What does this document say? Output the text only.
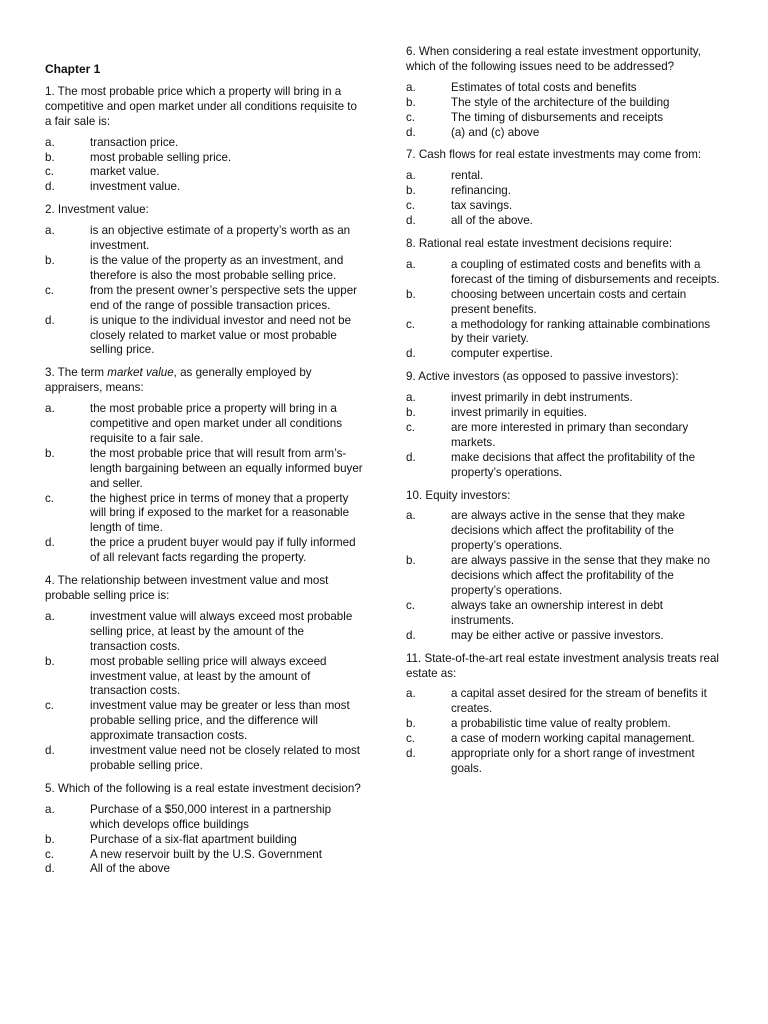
Chapter 1
1. The most probable price which a property will bring in a competitive and open market under all conditions requisite to a fair sale is:
a.	transaction price.
b.	most probable selling price.
c.	market value.
d.	investment value.
2. Investment value:
a.	is an objective estimate of a property’s worth as an investment.
b.	is the value of the property as an investment, and therefore is also the most probable selling price.
c.	from the present owner’s perspective sets the upper end of the range of possible transaction prices.
d.	is unique to the individual investor and need not be closely related to market value or most probable selling price.
3. The term market value, as generally employed by appraisers, means:
a.	the most probable price a property will bring in a competitive and open market under all conditions requisite to a fair sale.
b.	the most probable price that will result from arm’s-length bargaining between an equally informed buyer and seller.
c.	the highest price in terms of money that a property will bring if exposed to the market for a reasonable length of time.
d.	the price a prudent buyer would pay if fully informed of all relevant facts regarding the property.
4. The relationship between investment value and most probable selling price is:
a.	investment value will always exceed most probable selling price, at least by the amount of the transaction costs.
b.	most probable selling price will always exceed investment value, at least by the amount of transaction costs.
c.	investment value may be greater or less than most probable selling price, and the difference will approximate transaction costs.
d.	investment value need not be closely related to most probable selling price.
5. Which of the following is a real estate investment decision?
a.	Purchase of a $50,000 interest in a partnership which develops office buildings
b.	Purchase of a six-flat apartment building
c.	A new reservoir built by the U.S. Government
d.	All of the above
6. When considering a real estate investment opportunity, which of the following issues need to be addressed?
a.	Estimates of total costs and benefits
b.	The style of the architecture of the building
c.	The timing of disbursements and receipts
d.	(a) and (c) above
7. Cash flows for real estate investments may come from:
a.	rental.
b.	refinancing.
c.	tax savings.
d.	all of the above.
8. Rational real estate investment decisions require:
a.	a coupling of estimated costs and benefits with a forecast of the timing of disbursements and receipts.
b.	choosing between uncertain costs and certain present benefits.
c.	a methodology for ranking attainable combinations by their variety.
d.	computer expertise.
9. Active investors (as opposed to passive investors):
a.	invest primarily in debt instruments.
b.	invest primarily in equities.
c.	are more interested in primary than secondary markets.
d.	make decisions that affect the profitability of the property’s operations.
10. Equity investors:
a.	are always active in the sense that they make decisions which affect the profitability of the property’s operations.
b.	are always passive in the sense that they make no decisions which affect the profitability of the property’s operations.
c.	always take an ownership interest in debt instruments.
d.	may be either active or passive investors.
11. State-of-the-art real estate investment analysis treats real estate as:
a.	a capital asset desired for the stream of benefits it creates.
b.	a probabilistic time value of realty problem.
c.	a case of modern working capital management.
d.	appropriate only for a short range of investment goals.
